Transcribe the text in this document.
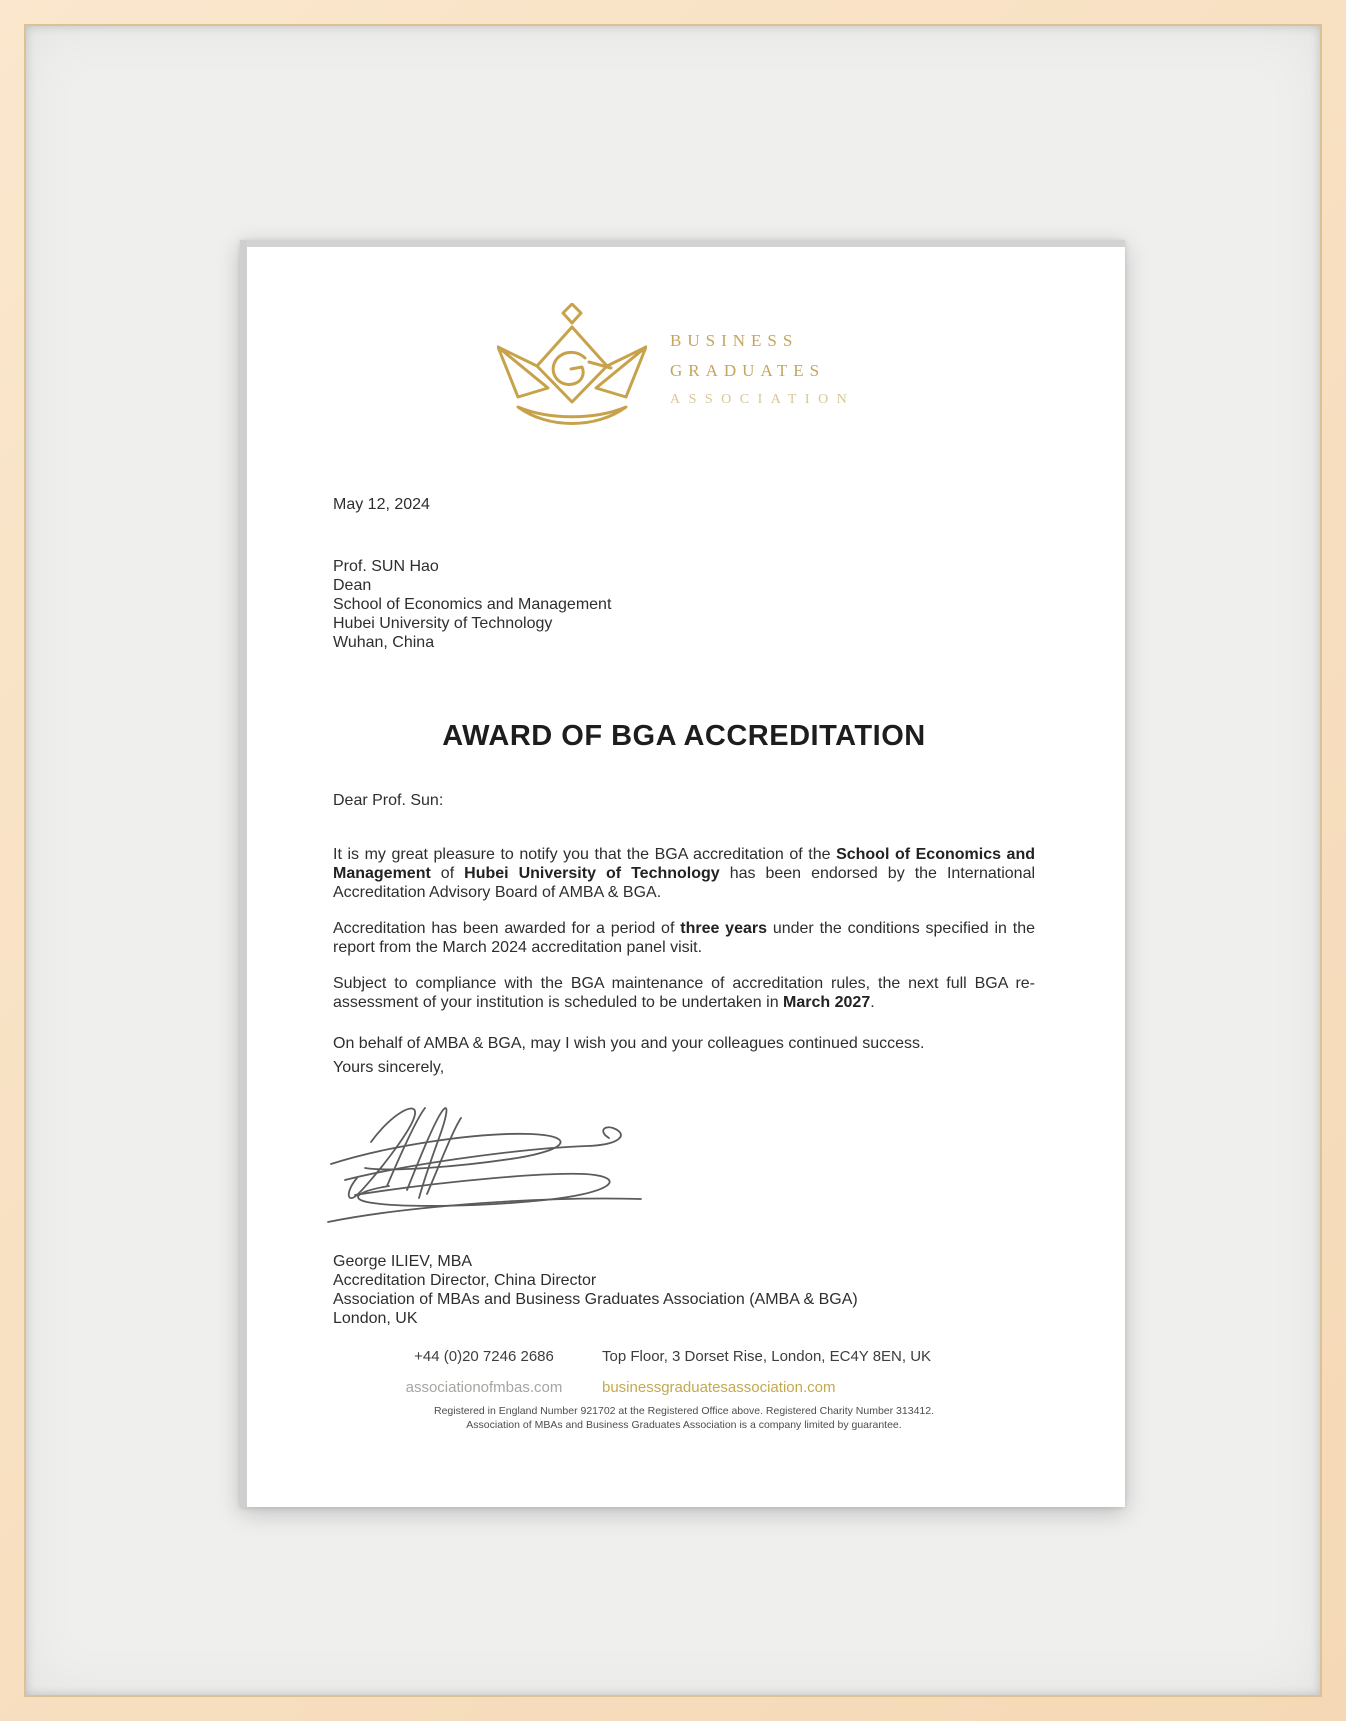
BUSINESS
GRADUATES
ASSOCIATION
May 12, 2024
Prof. SUN Hao
Dean
School of Economics and Management
Hubei University of Technology
Wuhan, China
AWARD OF BGA ACCREDITATION
Dear Prof. Sun:

It is my great pleasure to notify you that the BGA accreditation of the School of Economics and Management of Hubei University of Technology has been endorsed by the International Accreditation Advisory Board of AMBA & BGA.

Accreditation has been awarded for a period of three years under the conditions specified in the report from the March 2024 accreditation panel visit.

Subject to compliance with the BGA maintenance of accreditation rules, the next full BGA re-assessment of your institution is scheduled to be undertaken in March 2027.

On behalf of AMBA & BGA, may I wish you and your colleagues continued success.

Yours sincerely,
George ILIEV, MBA
Accreditation Director, China Director
Association of MBAs and Business Graduates Association (AMBA & BGA)
London, UK
+44 (0)20 7246 2686	Top Floor, 3 Dorset Rise, London, EC4Y 8EN, UK
associationofmbas.com	businessgraduatesassociation.com
Registered in England Number 921702 at the Registered Office above. Registered Charity Number 313412.
Association of MBAs and Business Graduates Association is a company limited by guarantee.
